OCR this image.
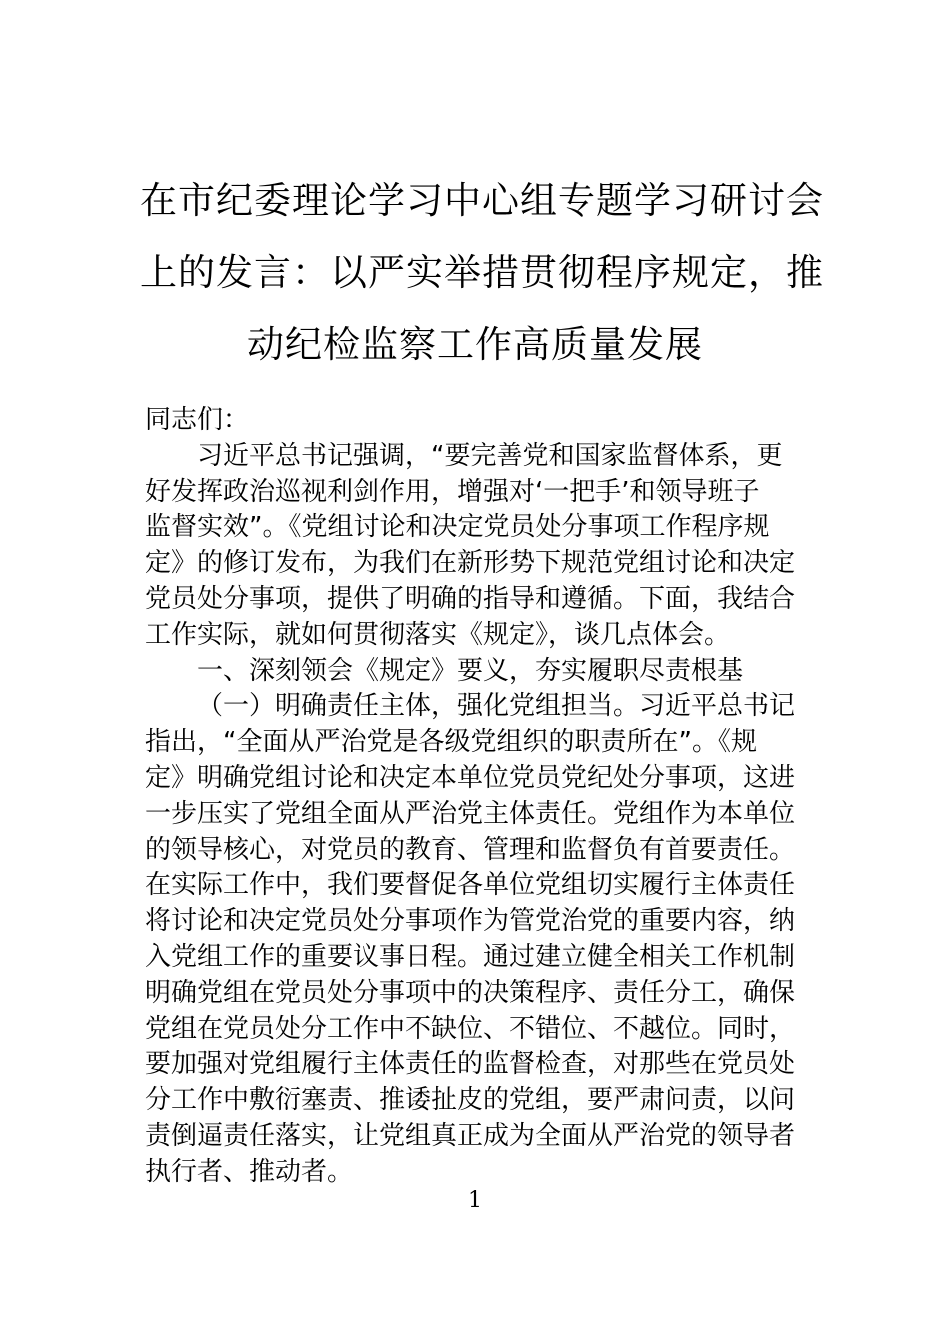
在市纪委理论学习中心组专题学习研讨会
上的发言：以严实举措贯彻程序规定，推
动纪检监察工作高质量发展
同志们：
习近平总书记强调，“要完善党和国家监督体系，更
好发挥政治巡视利剑作用，增强对‘一把手’和领导班子
监督实效”。《党组讨论和决定党员处分事项工作程序规
定》的修订发布，为我们在新形势下规范党组讨论和决定
党员处分事项，提供了明确的指导和遵循。下面，我结合
工作实际，就如何贯彻落实《规定》，谈几点体会。
一、深刻领会《规定》要义，夯实履职尽责根基
（一）明确责任主体，强化党组担当。习近平总书记
指出，“全面从严治党是各级党组织的职责所在”。《规
定》明确党组讨论和决定本单位党员党纪处分事项，这进
一步压实了党组全面从严治党主体责任。党组作为本单位
的领导核心，对党员的教育、管理和监督负有首要责任。
在实际工作中，我们要督促各单位党组切实履行主体责任
将讨论和决定党员处分事项作为管党治党的重要内容，纳
入党组工作的重要议事日程。通过建立健全相关工作机制
明确党组在党员处分事项中的决策程序、责任分工，确保
党组在党员处分工作中不缺位、不错位、不越位。同时，
要加强对党组履行主体责任的监督检查，对那些在党员处
分工作中敷衍塞责、推诿扯皮的党组，要严肃问责，以问
责倒逼责任落实，让党组真正成为全面从严治党的领导者
执行者、推动者。
1
